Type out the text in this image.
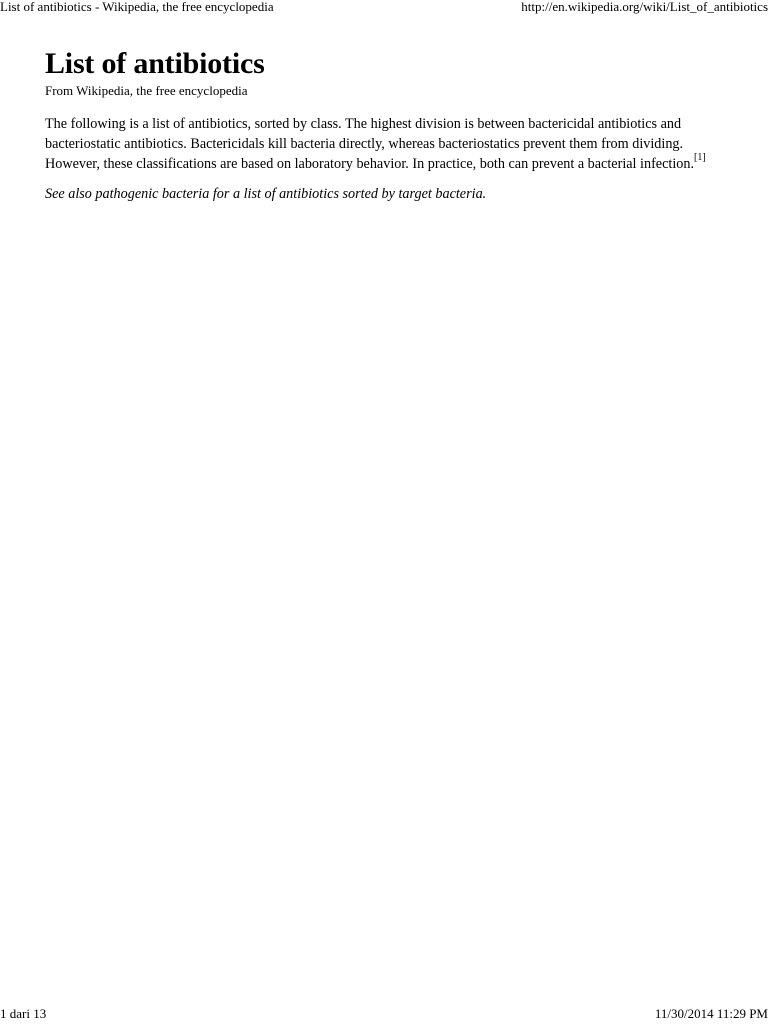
List of antibiotics - Wikipedia, the free encyclopedia	http://en.wikipedia.org/wiki/List_of_antibiotics
List of antibiotics
From Wikipedia, the free encyclopedia

The following is a list of antibiotics, sorted by class. The highest division is between bactericidal antibiotics and bacteriostatic antibiotics. Bactericidals kill bacteria directly, whereas bacteriostatics prevent them from dividing. However, these classifications are based on laboratory behavior. In practice, both can prevent a bacterial infection.[1]

See also pathogenic bacteria for a list of antibiotics sorted by target bacteria.

1 dari 13	11/30/2014 11:29 PM
